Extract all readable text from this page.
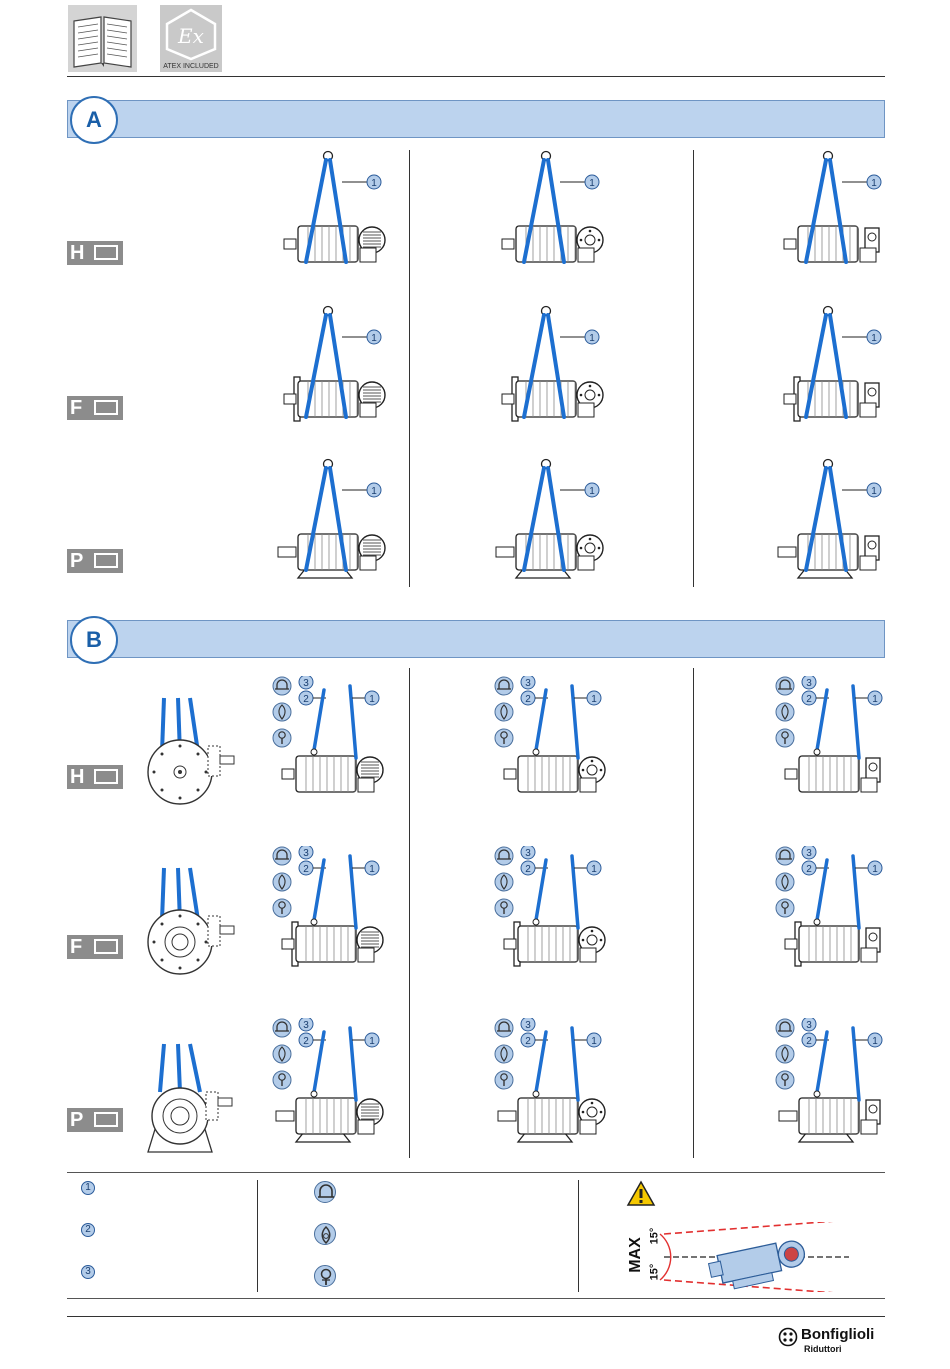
Ex
ATEX INCLUDED
A
B
H
F
P
H
F
P
1	1	1
1	1	1
1	1	1
3
2	1
3
2	1
3
2	1
3
2	1
3
2	1
3
2	1
3
2	1
3
2	1
3
2	1
1
2
3	MAX
15°
15°
Bonfiglioli
Riduttori
